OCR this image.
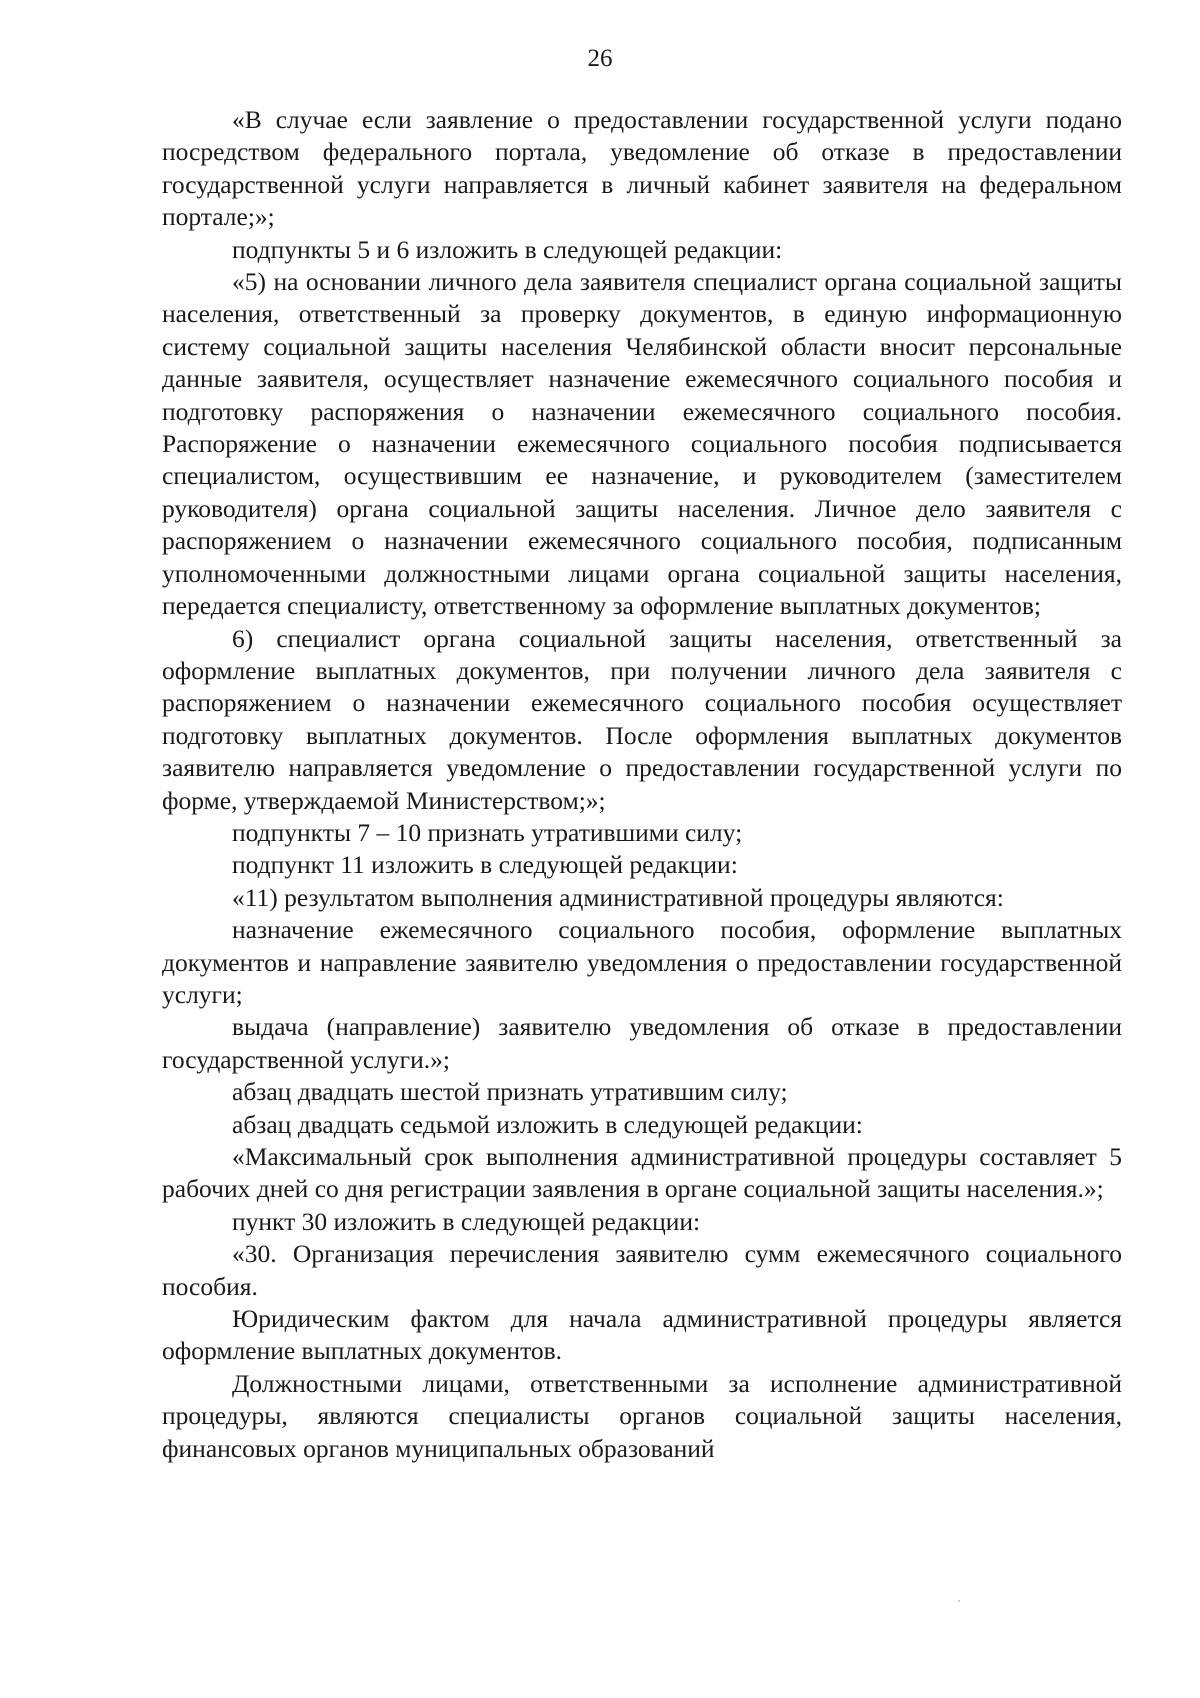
26

«В случае если заявление о предоставлении государственной услуги подано посредством федерального портала, уведомление об отказе в предоставлении государственной услуги направляется в личный кабинет заявителя на федеральном портале;»;

подпункты 5 и 6 изложить в следующей редакции:

«5) на основании личного дела заявителя специалист органа социальной защиты населения, ответственный за проверку документов, в единую информационную систему социальной защиты населения Челябинской области вносит персональные данные заявителя, осуществляет назначение ежемесячного социального пособия и подготовку распоряжения о назначении ежемесячного социального пособия. Распоряжение о назначении ежемесячного социального пособия подписывается специалистом, осуществившим ее назначение, и руководителем (заместителем руководителя) органа социальной защиты населения. Личное дело заявителя с распоряжением о назначении ежемесячного социального пособия, подписанным уполномоченными должностными лицами органа социальной защиты населения, передается специалисту, ответственному за оформление выплатных документов;

6) специалист органа социальной защиты населения, ответственный за оформление выплатных документов, при получении личного дела заявителя с распоряжением о назначении ежемесячного социального пособия осуществляет подготовку выплатных документов. После оформления выплатных документов заявителю направляется уведомление о предоставлении государственной услуги по форме, утверждаемой Министерством;»;

подпункты 7 – 10 признать утратившими силу;

подпункт 11 изложить в следующей редакции:

«11) результатом выполнения административной процедуры являются:

назначение ежемесячного социального пособия, оформление выплатных документов и направление заявителю уведомления о предоставлении государственной услуги;

выдача (направление) заявителю уведомления об отказе в предоставлении государственной услуги.»;

абзац двадцать шестой признать утратившим силу;

абзац двадцать седьмой изложить в следующей редакции:

«Максимальный срок выполнения административной процедуры составляет 5 рабочих дней со дня регистрации заявления в органе социальной защиты населения.»;

пункт 30 изложить в следующей редакции:

«30. Организация перечисления заявителю сумм ежемесячного социального пособия.

Юридическим фактом для начала административной процедуры является оформление выплатных документов.

Должностными лицами, ответственными за исполнение административной процедуры, являются специалисты органов социальной защиты населения, финансовых органов муниципальных образований
